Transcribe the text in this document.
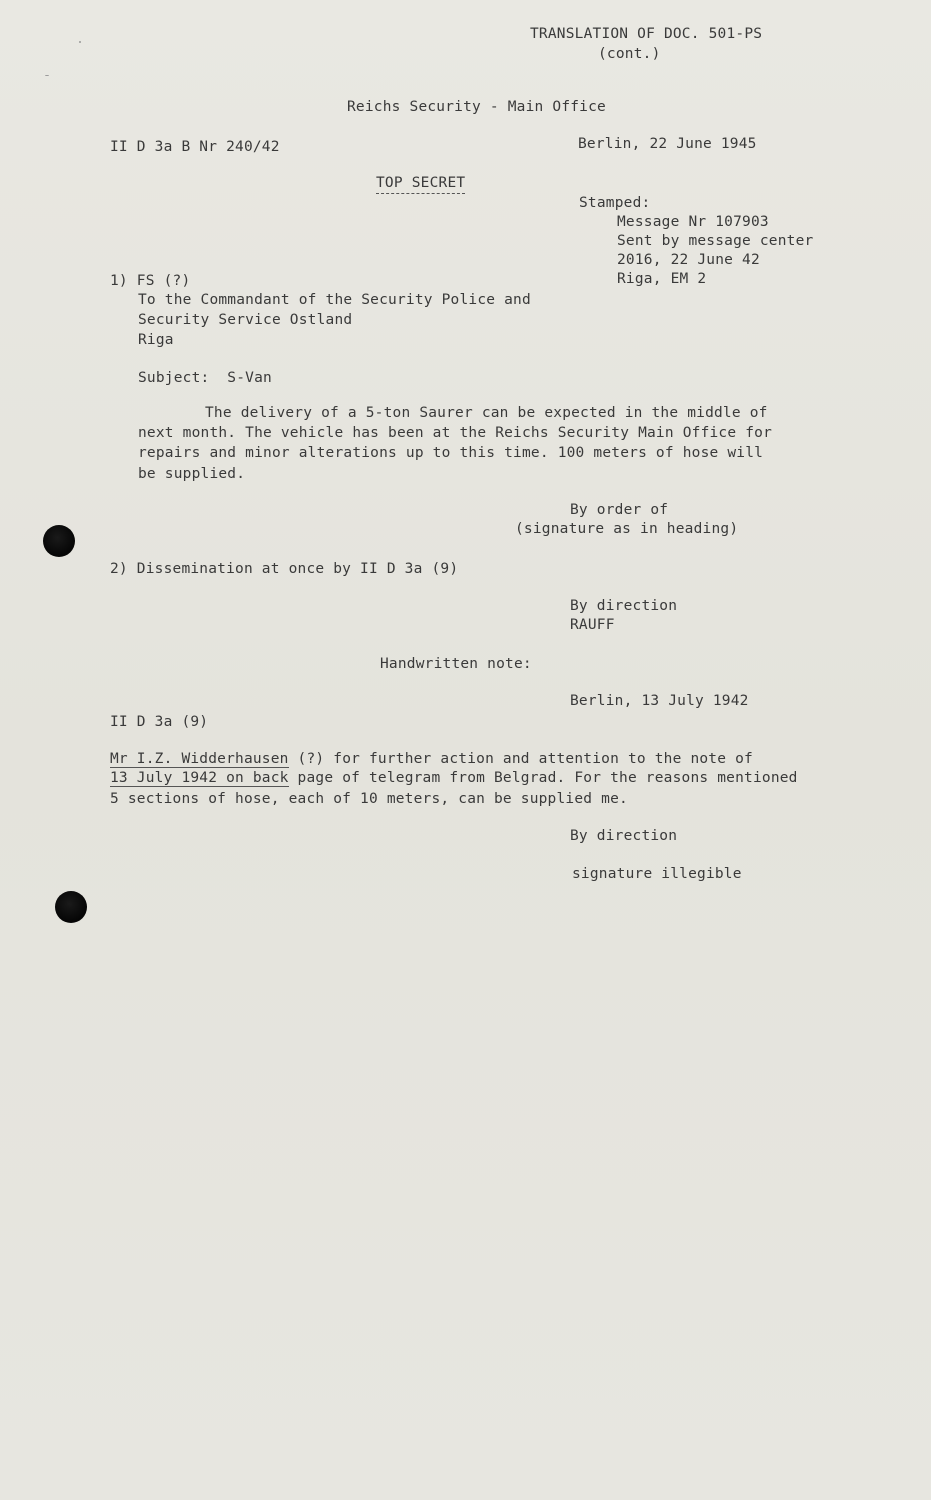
TRANSLATION OF DOC. 501-PS
(cont.)
Reichs Security - Main Office
II D 3a B Nr 240/42	Berlin, 22 June 1945
TOP SECRET
Stamped:
Message Nr 107903
Sent by message center
2016, 22 June 42
Riga, EM 2
1) FS (?)
To the Commandant of the Security Police and
Security Service Ostland
Riga
Subject:  S-Van
The delivery of a 5-ton Saurer can be expected in the middle of
next month. The vehicle has been at the Reichs Security Main Office for
repairs and minor alterations up to this time. 100 meters of hose will
be supplied.
By order of
(signature as in heading)
2) Dissemination at once by II D 3a (9)
By direction
RAUFF
Handwritten note:
Berlin, 13 July 1942
II D 3a (9)
Mr I.Z. Widderhausen (?) for further action and attention to the note of
13 July 1942 on back page of telegram from Belgrad. For the reasons mentioned
5 sections of hose, each of 10 meters, can be supplied me.
By direction
signature illegible
